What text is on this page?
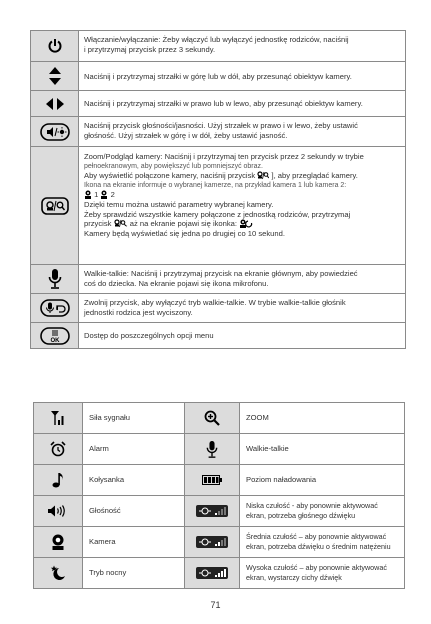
Włączanie/wyłączanie: Żeby włączyć lub wyłączyć jednostkę rodziców, naciśnij

i przytrzymaj przycisk przez 3 sekundy.

Naciśnij i przytrzymaj strzałki w górę lub w dół, aby przesunąć obiektyw kamery.

Naciśnij i przytrzymaj strzałki w prawo lub w lewo, aby przesunąć obiektyw kamery.

Naciśnij przycisk głośności/jasności. Użyj strzałek w prawo i w lewo, żeby ustawić

głośność. Użyj strzałek w górę i w dół, żeby ustawić jasność.

Zoom/Podgląd kamery: Naciśnij i przytrzymaj ten przycisk przez 2 sekundy w trybie

pełnoekranowym, aby powiększyć lub pomniejszyć obraz.

Aby wyświetlić połączone kamery, naciśnij przycisk ], aby przeglądać kamery.

Ikona na ekranie informuje o wybranej kamerze, na przykład kamera 1 lub kamera 2:

1 2

Dzięki temu można ustawić parametry wybranej kamery.

Żeby sprawdzić wszystkie kamery połączone z jednostką rodziców, przytrzymaj

przycisk , aż na ekranie pojawi się ikonka:

Kamery będą wyświetlać się jedna po drugiej co 10 sekund.

Walkie-talkie: Naciśnij i przytrzymaj przycisk na ekranie głównym, aby powiedzieć

coś do dziecka. Na ekranie pojawi się ikona mikrofonu.

Zwolnij przycisk, aby wyłączyć tryb walkie-talkie. W trybie walkie-talkie głośnik

jednostki rodzica jest wyciszony.

OK

Dostęp do poszczególnych opcji menu

Siła sygnału
Alarm
Kołysanka
Głośność
Kamera
Tryb nocny
ZOOM
Walkie-talkie
Poziom naładowania
Niska czułość - aby ponownie aktywować ekran, potrzeba głośnego dźwięku
Średnia czułość – aby ponownie aktywować ekran, potrzeba dźwięku o średnim natężeniu
Wysoka czułość – aby ponownie aktywować ekran, wystarczy cichy dźwięk
71
